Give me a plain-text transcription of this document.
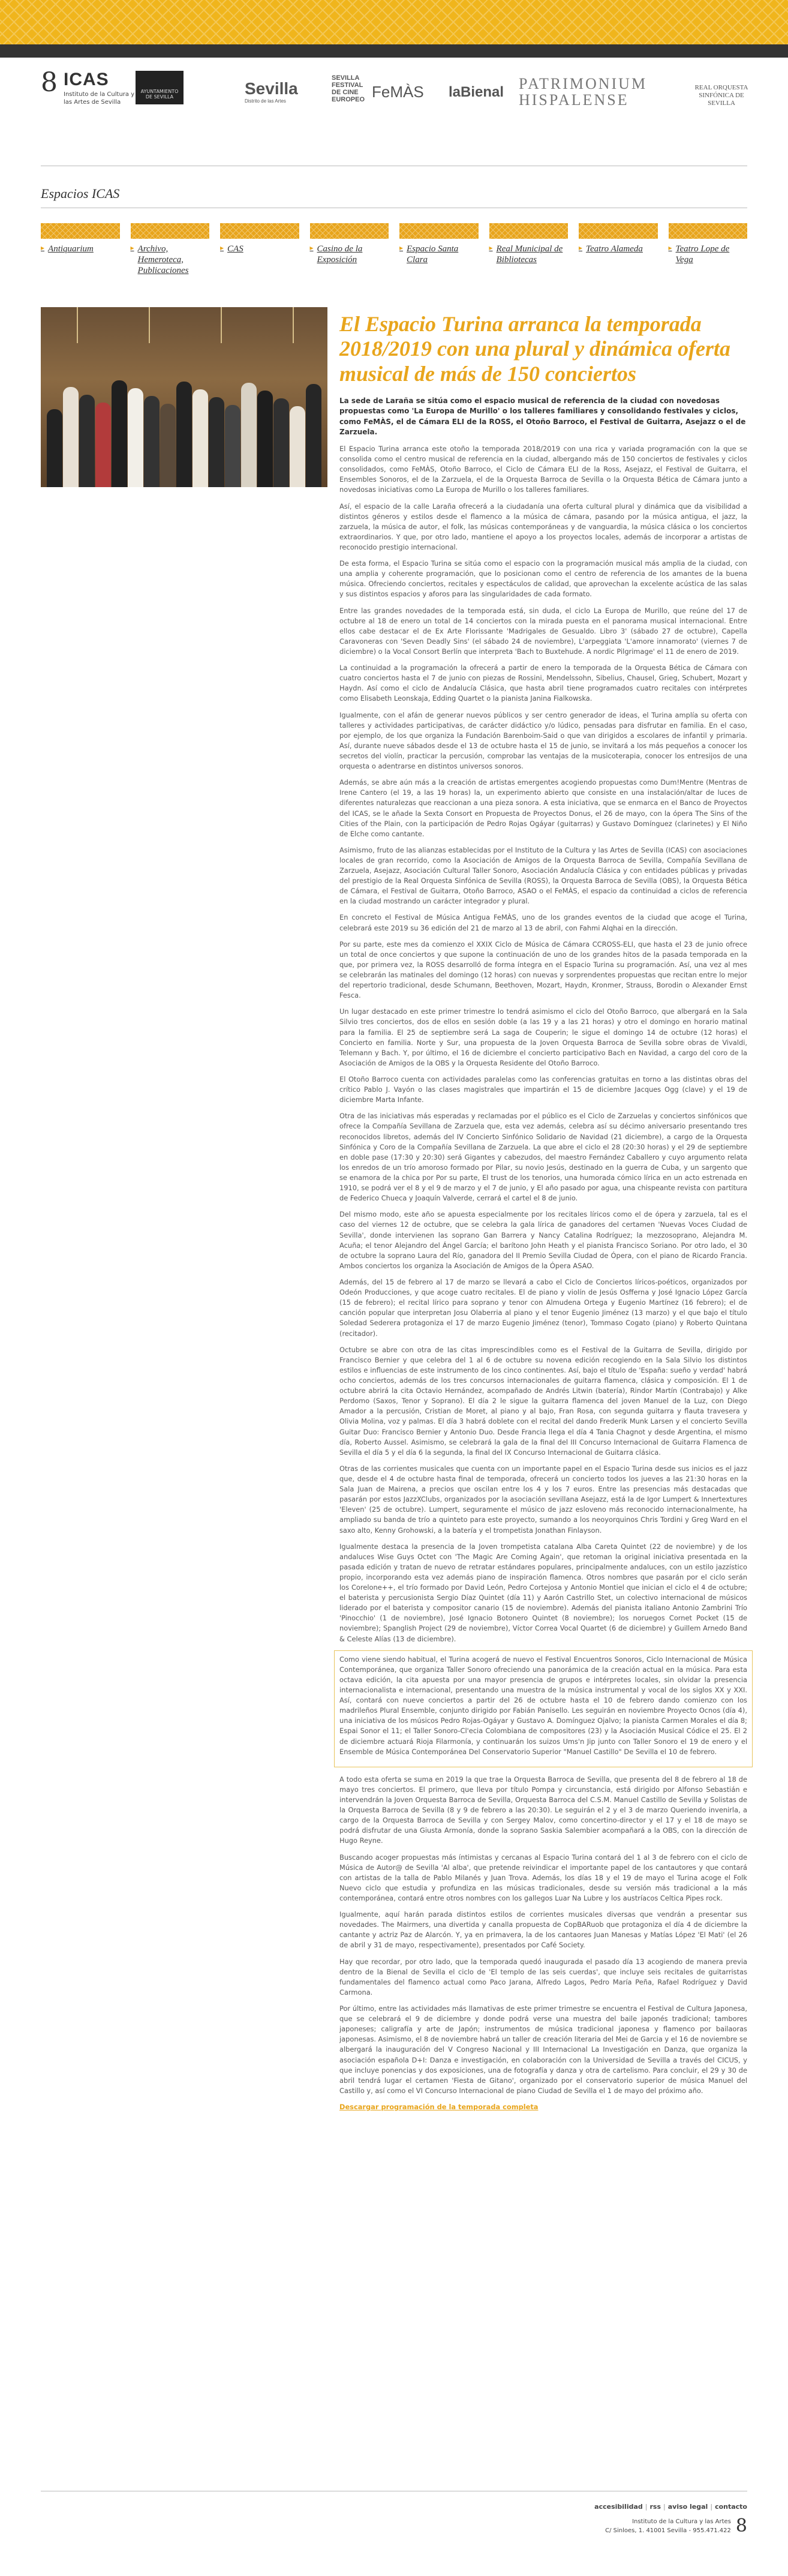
8 ICAS
Instituto de la Cultura y las Artes de Sevilla
AYUNTAMIENTO DE SEVILLA	Sevilla
Distrito de las Artes
SEVILLA FESTIVAL DE CINE EUROPEO FeMÀS laBienal PATRIMONIUM HISPALENSE
REAL ORQUESTA SINFÓNICA DE SEVILLA
Espacios ICAS
▸ Antiquarium	▸ Archivo, Hemeroteca, Publicaciones
▸ CAS	▸ Casino de la Exposición
▸ Espacio Santa Clara
▸ Real Municipal de Bibliotecas
▸ Teatro Alameda	▸ Teatro Lope de Vega
El Espacio Turina arranca la temporada 2018/2019 con una plural y dinámica oferta musical de más de 150 conciertos
La sede de Laraña se sitúa como el espacio musical de referencia de la ciudad con novedosas propuestas como 'La Europa de Murillo' o los talleres familiares y consolidando festivales y ciclos, como FeMÀS, el de Cámara ELI de la ROSS, el Otoño Barroco, el Festival de Guitarra, Asejazz o el de Zarzuela.

El Espacio Turina arranca este otoño la temporada 2018/2019 con una rica y variada programación con la que se consolida como el centro musical de referencia en la ciudad, albergando más de 150 conciertos de festivales y ciclos consolidados, como FeMÀS, Otoño Barroco, el Ciclo de Cámara ELI de la Ross, Asejazz, el Festival de Guitarra, el Ensembles Sonoros, el de la Zarzuela, el de la Orquesta Barroca de Sevilla o la Orquesta Bética de Cámara junto a novedosas iniciativas como La Europa de Murillo o los talleres familiares.

Así, el espacio de la calle Laraña ofrecerá a la ciudadanía una oferta cultural plural y dinámica que da visibilidad a distintos géneros y estilos desde el flamenco a la música de cámara, pasando por la música antigua, el jazz, la zarzuela, la música de autor, el folk, las músicas contemporáneas y de vanguardia, la música clásica o los conciertos extraordinarios. Y que, por otro lado, mantiene el apoyo a los proyectos locales, además de incorporar a artistas de reconocido prestigio internacional.

De esta forma, el Espacio Turina se sitúa como el espacio con la programación musical más amplia de la ciudad, con una amplia y coherente programación, que lo posicionan como el centro de referencia de los amantes de la buena música. Ofreciendo conciertos, recitales y espectáculos de calidad, que aprovechan la excelente acústica de las salas y sus distintos espacios y aforos para las singularidades de cada formato.

Entre las grandes novedades de la temporada está, sin duda, el ciclo La Europa de Murillo, que reúne del 17 de octubre al 18 de enero un total de 14 conciertos con la mirada puesta en el panorama musical internacional. Entre ellos cabe destacar el de Ex Arte Florissante 'Madrigales de Gesualdo. Libro 3' (sábado 27 de octubre), Capella Caravoneras con 'Seven Deadly Sins' (el sábado 24 de noviembre), L'arpeggiata 'L'amore innamorato' (viernes 7 de diciembre) o la Vocal Consort Berlín que interpreta 'Bach to Buxtehude. A nordic Pilgrimage' el 11 de enero de 2019.

La continuidad a la programación la ofrecerá a partir de enero la temporada de la Orquesta Bética de Cámara con cuatro conciertos hasta el 7 de junio con piezas de Rossini, Mendelssohn, Sibelius, Chausel, Grieg, Schubert, Mozart y Haydn. Así como el ciclo de Andalucía Clásica, que hasta abril tiene programados cuatro recitales con intérpretes como Elisabeth Leonskaja, Edding Quartet o la pianista Janina Fialkowska.

Igualmente, con el afán de generar nuevos públicos y ser centro generador de ideas, el Turina amplía su oferta con talleres y actividades participativas, de carácter didáctico y/o lúdico, pensadas para disfrutar en familia. En el caso, por ejemplo, de los que organiza la Fundación Barenboim-Said o que van dirigidos a escolares de infantil y primaria. Así, durante nueve sábados desde el 13 de octubre hasta el 15 de junio, se invitará a los más pequeños a conocer los secretos del violín, practicar la percusión, comprobar las ventajas de la musicoterapia, conocer los entresijos de una orquesta o adentrarse en distintos universos sonoros.

Además, se abre aún más a la creación de artistas emergentes acogiendo propuestas como Dum!Mentre (Mentras de Irene Cantero (el 19, a las 19 horas) la, un experimento abierto que consiste en una instalación/altar de luces de diferentes naturalezas que reaccionan a una pieza sonora. A esta iniciativa, que se enmarca en el Banco de Proyectos del ICAS, se le añade la Sexta Consort en Propuesta de Proyectos Donus, el 26 de mayo, con la ópera The Sins of the Cities of the Plain, con la participación de Pedro Rojas Ogáyar (guitarras) y Gustavo Domínguez (clarinetes) y El Niño de Elche como cantante.

Asimismo, fruto de las alianzas establecidas por el Instituto de la Cultura y las Artes de Sevilla (ICAS) con asociaciones locales de gran recorrido, como la Asociación de Amigos de la Orquesta Barroca de Sevilla, Compañía Sevillana de Zarzuela, Asejazz, Asociación Cultural Taller Sonoro, Asociación Andalucía Clásica y con entidades públicas y privadas del prestigio de la Real Orquesta Sinfónica de Sevilla (ROSS), la Orquesta Barroca de Sevilla (OBS), la Orquesta Bética de Cámara, el Festival de Guitarra, Otoño Barroco, ASAO o el FeMÀS, el espacio da continuidad a ciclos de referencia en la ciudad mostrando un carácter integrador y plural.

En concreto el Festival de Música Antigua FeMÀS, uno de los grandes eventos de la ciudad que acoge el Turina, celebrará este 2019 su 36 edición del 21 de marzo al 13 de abril, con Fahmi Alqhai en la dirección.

Por su parte, este mes da comienzo el XXIX Ciclo de Música de Cámara CCROSS-ELI, que hasta el 23 de junio ofrece un total de once conciertos y que supone la continuación de uno de los grandes hitos de la pasada temporada en la que, por primera vez, la ROSS desarrolló de forma íntegra en el Espacio Turina su programación. Así, una vez al mes se celebrarán las matinales del domingo (12 horas) con nuevas y sorprendentes propuestas que recitan entre lo mejor del repertorio tradicional, desde Schumann, Beethoven, Mozart, Haydn, Kronmer, Strauss, Borodin o Alexander Ernst Fesca.

Un lugar destacado en este primer trimestre lo tendrá asimismo el ciclo del Otoño Barroco, que albergará en la Sala Silvio tres conciertos, dos de ellos en sesión doble (a las 19 y a las 21 horas) y otro el domingo en horario matinal para la familia. El 25 de septiembre será La saga de Couperin; le sigue el domingo 14 de octubre (12 horas) el Concierto en familia. Norte y Sur, una propuesta de la Joven Orquesta Barroca de Sevilla sobre obras de Vivaldi, Telemann y Bach. Y, por último, el 16 de diciembre el concierto participativo Bach en Navidad, a cargo del coro de la Asociación de Amigos de la OBS y la Orquesta Residente del Otoño Barroco.

El Otoño Barroco cuenta con actividades paralelas como las conferencias gratuitas en torno a las distintas obras del crítico Pablo J. Vayón o las clases magistrales que impartirán el 15 de diciembre Jacques Ogg (clave) y el 19 de diciembre Marta Infante.

Otra de las iniciativas más esperadas y reclamadas por el público es el Ciclo de Zarzuelas y conciertos sinfónicos que ofrece la Compañía Sevillana de Zarzuela que, esta vez además, celebra así su décimo aniversario presentando tres reconocidos libretos, además del IV Concierto Sinfónico Solidario de Navidad (21 diciembre), a cargo de la Orquesta Sinfónica y Coro de la Compañía Sevillana de Zarzuela. La que abre el ciclo el 28 (20:30 horas) y el 29 de septiembre en doble pase (17:30 y 20:30) será Gigantes y cabezudos, del maestro Fernández Caballero y cuyo argumento relata los enredos de un trío amoroso formado por Pilar, su novio Jesús, destinado en la guerra de Cuba, y un sargento que se enamora de la chica por Por su parte, El trust de los tenorios, una humorada cómico lírica en un acto estrenada en 1910, se podrá ver el 8 y el 9 de marzo y el 7 de junio, y El año pasado por agua, una chispeante revista con partitura de Federico Chueca y Joaquín Valverde, cerrará el cartel el 8 de junio.

Del mismo modo, este año se apuesta especialmente por los recitales líricos como el de ópera y zarzuela, tal es el caso del viernes 12 de octubre, que se celebra la gala lírica de ganadores del certamen 'Nuevas Voces Ciudad de Sevilla', donde intervienen las soprano Gan Barrera y Nancy Catalina Rodríguez; la mezzosoprano, Alejandra M. Acuña; el tenor Alejandro del Ángel García; el barítono John Heath y el pianista Francisco Soriano. Por otro lado, el 30 de octubre la soprano Laura del Río, ganadora del II Premio Sevilla Ciudad de Ópera, con el piano de Ricardo Francia. Ambos conciertos los organiza la Asociación de Amigos de la Ópera ASAO.

Además, del 15 de febrero al 17 de marzo se llevará a cabo el Ciclo de Conciertos líricos-poéticos, organizados por Odeón Producciones, y que acoge cuatro recitales. El de piano y violín de Jesús Osfferna y José Ignacio López García (15 de febrero); el recital lírico para soprano y tenor con Almudena Ortega y Eugenio Martínez (16 febrero); el de canción popular que interpretan Josu Olaberria al piano y el tenor Eugenio Jiménez (13 marzo) y el que bajo el título Soledad Sederera protagoniza el 17 de marzo Eugenio Jiménez (tenor), Tommaso Cogato (piano) y Roberto Quintana (recitador).

Octubre se abre con otra de las citas imprescindibles como es el Festival de la Guitarra de Sevilla, dirigido por Francisco Bernier y que celebra del 1 al 6 de octubre su novena edición recogiendo en la Sala Silvio los distintos estilos e influencias de este instrumento de los cinco continentes. Así, bajo el título de 'España: sueño y verdad' habrá ocho conciertos, además de los tres concursos internacionales de guitarra flamenca, clásica y composición. El 1 de octubre abrirá la cita Octavio Hernández, acompañado de Andrés Litwin (batería), Rindor Martín (Contrabajo) y Alke Perdomo (Saxos, Tenor y Soprano). El día 2 le sigue la guitarra flamenca del joven Manuel de la Luz, con Diego Amador a la percusión, Cristian de Moret, al piano y al bajo, Fran Rosa, con segunda guitarra y flauta travesera y Olivia Molina, voz y palmas. El día 3 habrá doblete con el recital del dando Frederik Munk Larsen y el concierto Sevilla Guitar Duo: Francisco Bernier y Antonio Duo. Desde Francia llega el día 4 Tania Chagnot y desde Argentina, el mismo día, Roberto Aussel. Asimismo, se celebrará la gala de la final del III Concurso Internacional de Guitarra Flamenca de Sevilla el día 5 y el día 6 la segunda, la final del IX Concurso Internacional de Guitarra clásica.

Otras de las corrientes musicales que cuenta con un importante papel en el Espacio Turina desde sus inicios es el jazz que, desde el 4 de octubre hasta final de temporada, ofrecerá un concierto todos los jueves a las 21:30 horas en la Sala Juan de Mairena, a precios que oscilan entre los 4 y los 7 euros. Entre las presencias más destacadas que pasarán por estos JazzXClubs, organizados por la asociación sevillana Asejazz, está la de Igor Lumpert & Innertextures 'Eleven' (25 de octubre). Lumpert, seguramente el músico de jazz esloveno más reconocido internacionalmente, ha ampliado su banda de trío a quinteto para este proyecto, sumando a los neoyorquinos Chris Tordini y Greg Ward en el saxo alto, Kenny Grohowski, a la batería y el trompetista Jonathan Finlayson.

Igualmente destaca la presencia de la Joven trompetista catalana Alba Careta Quintet (22 de noviembre) y de los andaluces Wise Guys Octet con 'The Magic Are Coming Again', que retoman la original iniciativa presentada en la pasada edición y tratan de nuevo de retratar estándares populares, principalmente andaluces, con un estilo jazzístico propio, incorporando esta vez además piano de inspiración flamenca. Otros nombres que pasarán por el ciclo serán los Corelone++, el trío formado por David León, Pedro Cortejosa y Antonio Montiel que inician el ciclo el 4 de octubre; el baterista y percusionista Sergio Díaz Quintet (día 11) y Aarón Castrillo Stet, un colectivo internacional de músicos liderado por el baterista y compositor canario (15 de noviembre). Además del pianista italiano Antonio Zambrini Trío 'Pinocchio' (1 de noviembre), José Ignacio Botonero Quintet (8 noviembre); los noruegos Cornet Pocket (15 de noviembre); Spanglish Project (29 de noviembre), Víctor Correa Vocal Quartet (6 de diciembre) y Guillem Arnedo Band & Celeste Alías (13 de diciembre).

Como viene siendo habitual, el Turina acogerá de nuevo el Festival Encuentros Sonoros, Ciclo Internacional de Música Contemporánea, que organiza Taller Sonoro ofreciendo una panorámica de la creación actual en la música. Para esta octava edición, la cita apuesta por una mayor presencia de grupos e intérpretes locales, sin olvidar la presencia internacionalista e internacional, presentando una muestra de la música instrumental y vocal de los siglos XX y XXI. Así, contará con nueve conciertos a partir del 26 de octubre hasta el 10 de febrero dando comienzo con los madrileños Plural Ensemble, conjunto dirigido por Fabián Panisello. Les seguirán en noviembre Proyecto Ocnos (día 4), una iniciativa de los músicos Pedro Rojas-Ogáyar y Gustavo A. Domínguez Ojalvo; la pianista Carmen Morales el día 8; Espai Sonor el 11; el Taller Sonoro-Cl'ecia Colombiana de compositores (23) y la Asociación Musical Códice el 25. El 2 de diciembre actuará Rioja Filarmonía, y continuarán los suizos Ums'n Jip junto con Taller Sonoro el 19 de enero y el Ensemble de Música Contemporánea Del Conservatorio Superior "Manuel Castillo" De Sevilla el 10 de febrero.

A todo esta oferta se suma en 2019 la que trae la Orquesta Barroca de Sevilla, que presenta del 8 de febrero al 18 de mayo tres conciertos. El primero, que lleva por título Pompa y circunstancia, está dirigido por Alfonso Sebastián e intervendrán la Joven Orquesta Barroca de Sevilla, Orquesta Barroca del C.S.M. Manuel Castillo de Sevilla y Solistas de la Orquesta Barroca de Sevilla (8 y 9 de febrero a las 20:30). Le seguirán el 2 y el 3 de marzo Queriendo invenirla, a cargo de la Orquesta Barroca de Sevilla y con Sergey Malov, como concertino-director y el 17 y el 18 de mayo se podrá disfrutar de una Giusta Armonía, donde la soprano Saskia Salembier acompañará a la OBS, con la dirección de Hugo Reyne.

Buscando acoger propuestas más íntimistas y cercanas al Espacio Turina contará del 1 al 3 de febrero con el ciclo de Música de Autor@ de Sevilla 'Al alba', que pretende reivindicar el importante papel de los cantautores y que contará con artistas de la talla de Pablo Milanés y Juan Trova. Además, los días 18 y el 19 de mayo el Turina acoge el Folk Nuevo ciclo que estudia y profundiza en las músicas tradicionales, desde su versión más tradicional a la más contemporánea, contará entre otros nombres con los gallegos Luar Na Lubre y los austríacos Celtica Pipes rock.

Igualmente, aquí harán parada distintos estilos de corrientes musicales diversas que vendrán a presentar sus novedades. The Mairmers, una divertida y canalla propuesta de CopBARuob que protagoniza el día 4 de diciembre la cantante y actriz Paz de Alarcón. Y, ya en primavera, la de los cantaores Juan Manesas y Matías López 'El Mati' (el 26 de abril y 31 de mayo, respectivamente), presentados por Café Society.

Hay que recordar, por otro lado, que la temporada quedó inaugurada el pasado día 13 acogiendo de manera previa dentro de la Bienal de Sevilla el ciclo de 'El templo de las seis cuerdas', que incluye seis recitales de guitarristas fundamentales del flamenco actual como Paco Jarana, Alfredo Lagos, Pedro María Peña, Rafael Rodríguez y David Carmona.

Por último, entre las actividades más llamativas de este primer trimestre se encuentra el Festival de Cultura Japonesa, que se celebrará el 9 de diciembre y donde podrá verse una muestra del baile japonés tradicional; tambores japoneses; caligrafía y arte de Japón; instrumentos de música tradicional japonesa y flamenco por bailaoras japonesas. Asimismo, el 8 de noviembre habrá un taller de creación literaria del Mei de Garcia y el 16 de noviembre se albergará la inauguración del V Congreso Nacional y III Internacional La Investigación en Danza, que organiza la asociación española D+I: Danza e investigación, en colaboración con la Universidad de Sevilla a través del CICUS, y que incluye ponencias y dos exposiciones, una de fotografía y danza y otra de cartelismo. Para concluir, el 29 y 30 de abril tendrá lugar el certamen 'Fiesta de Gitano', organizado por el conservatorio superior de música Manuel del Castillo y, así como el VI Concurso Internacional de piano Ciudad de Sevilla el 1 de mayo del próximo año.

Descargar programación de la temporada completa

accesibilidad | rss | aviso legal | contacto
Instituto de la Cultura y las Artes
C/ Sinloes, 1. 41001 Sevilla - 955.471.422 8
